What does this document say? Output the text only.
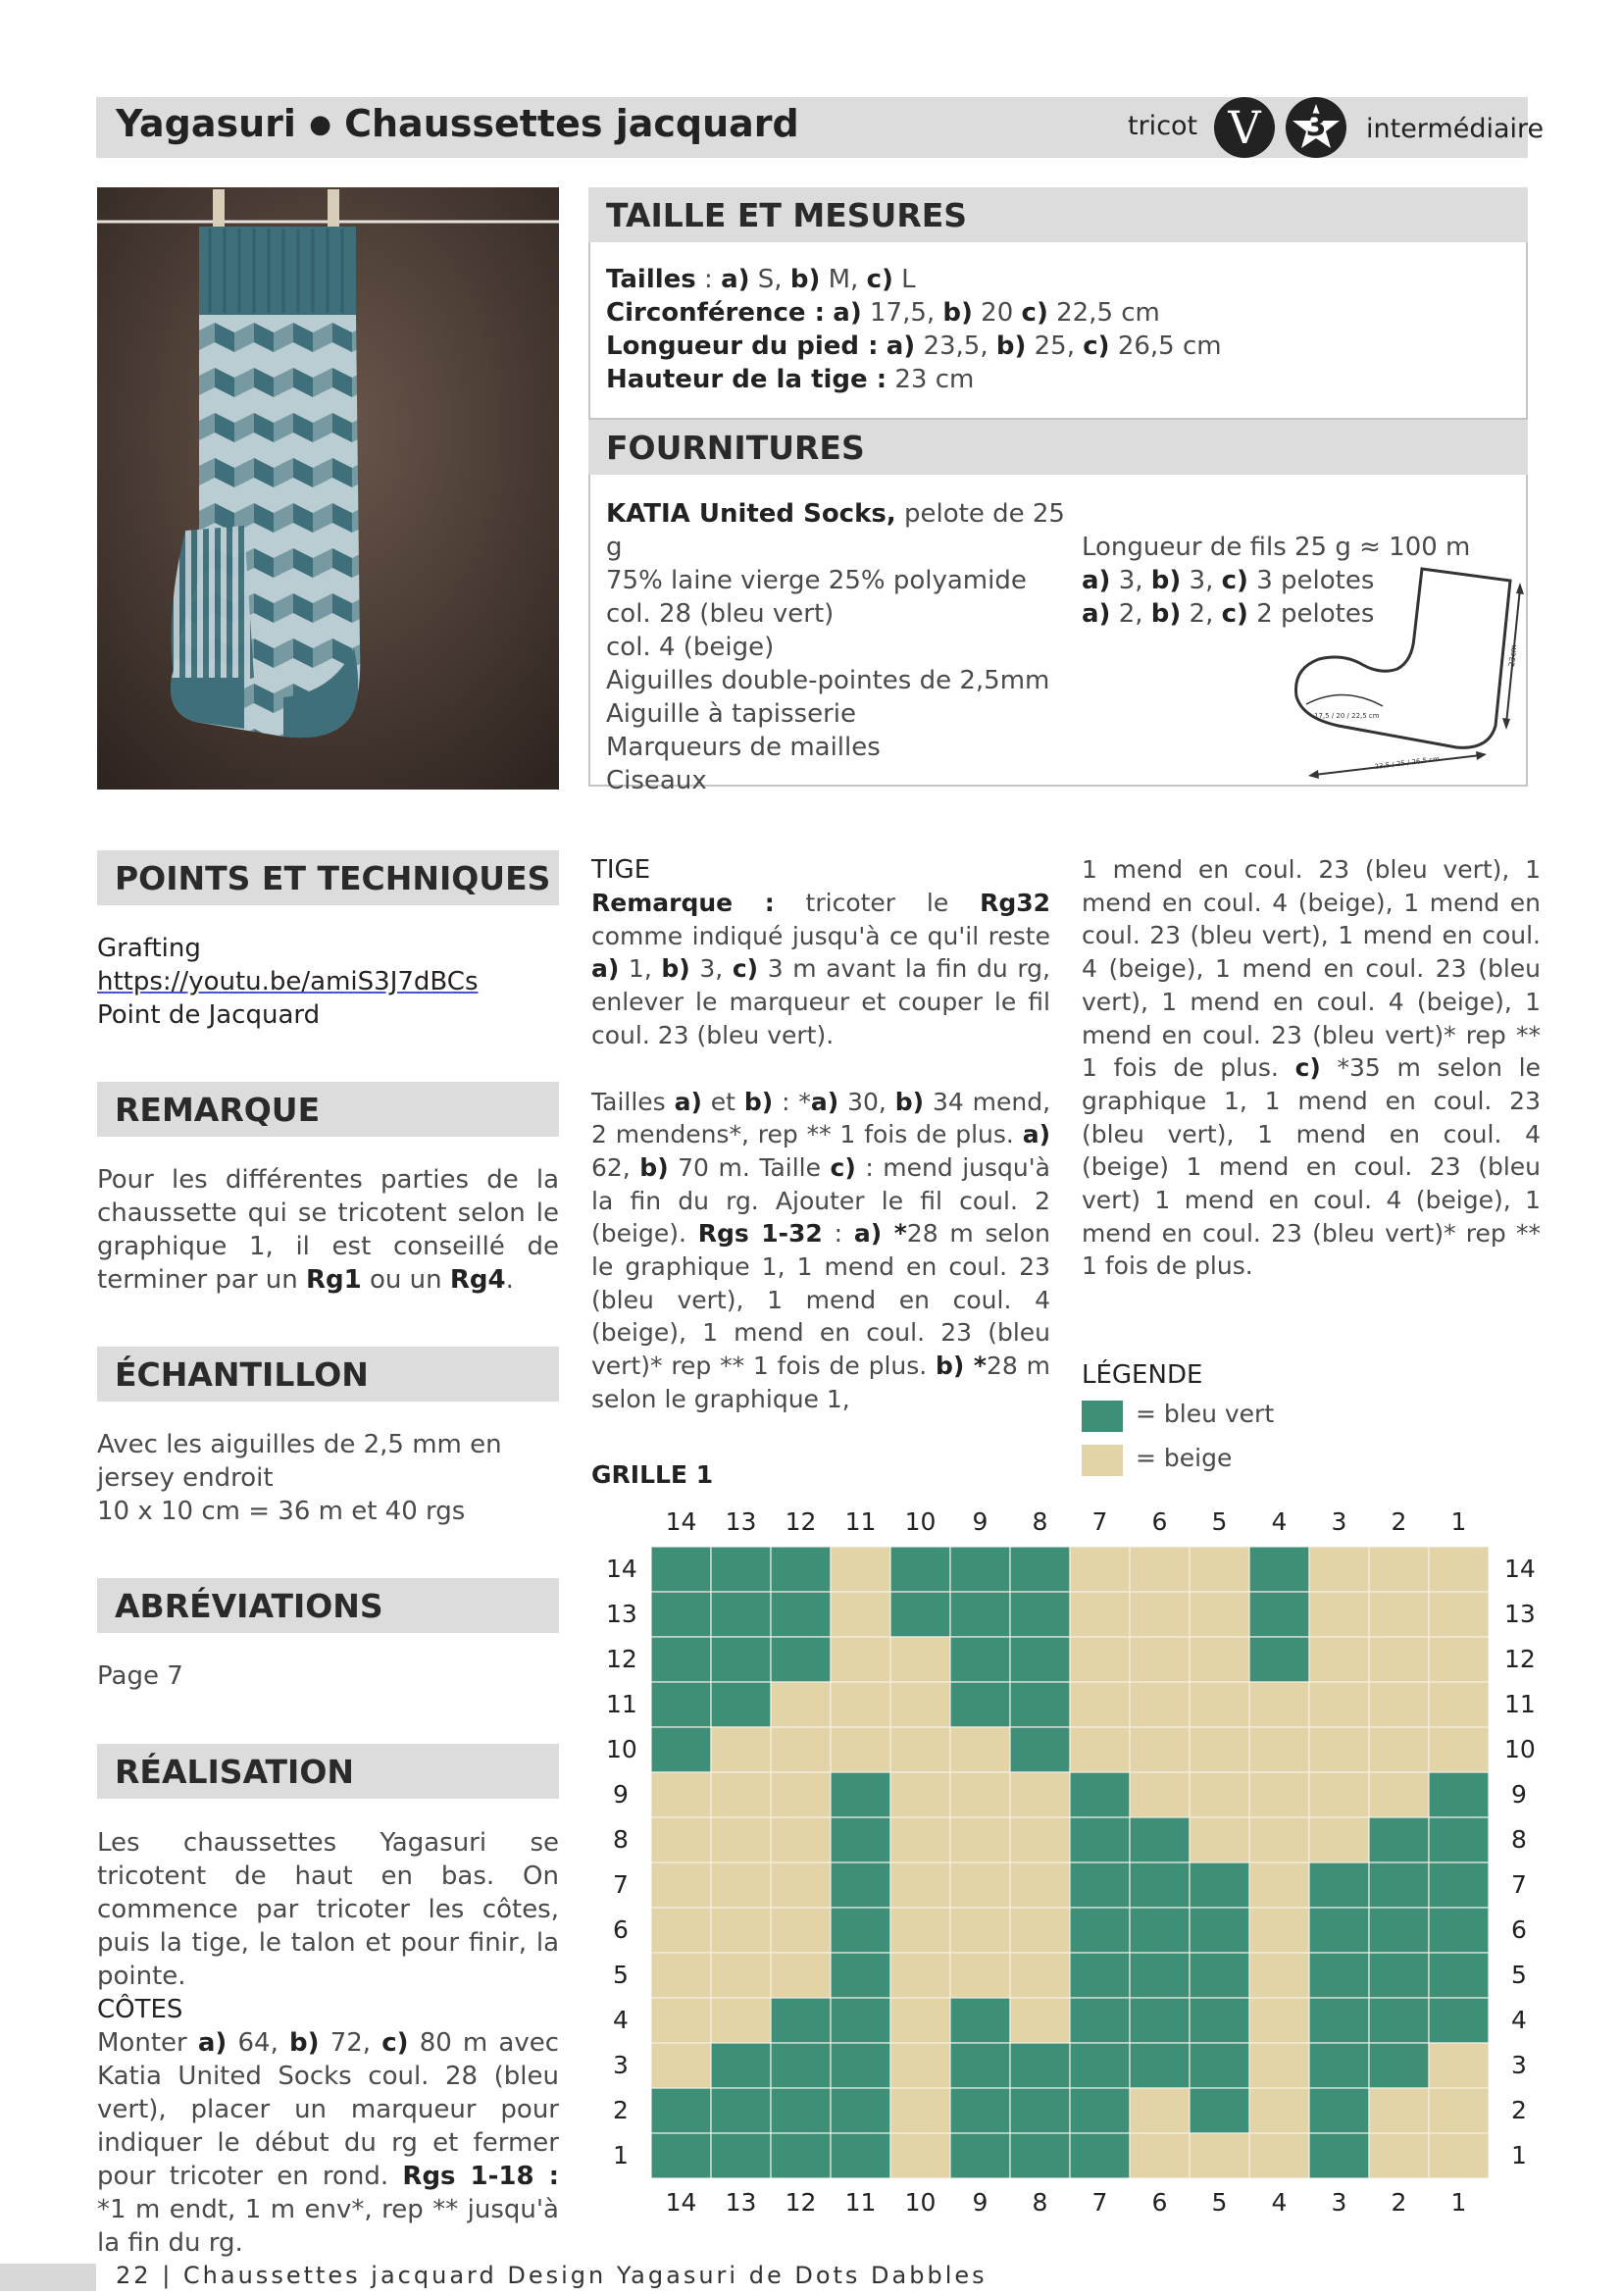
Yagasuri ● Chaussettes jacquard	tricot V	3	intermédiaire
TAILLE ET MESURES
Tailles : a) S, b) M, c) L
Circonférence : a) 17,5, b) 20 c) 22,5 cm
Longueur du pied : a) 23,5, b) 25, c) 26,5 cm
Hauteur de la tige : 23 cm
FOURNITURES
KATIA United Socks, pelote de 25 g
75% laine vierge 25% polyamide
col. 28 (bleu vert)
col. 4 (beige)
Aiguilles double-pointes de 2,5mm
Aiguille à tapisserie
Marqueurs de mailles
Ciseaux
Longueur de fils 25 g ≈ 100 m
a) 3, b) 3, c) 3 pelotes
a) 2, b) 2, c) 2 pelotes
23cm
17,5 / 20 / 22,5 cm
23,5 / 25 / 26,5 cm
POINTS ET TECHNIQUES
Grafting
https://youtu.be/amiS3J7dBCs
Point de Jacquard
REMARQUE
Pour les différentes parties de la chaussette qui se tricotent selon le graphique 1, il est conseillé de terminer par un Rg1 ou un Rg4.
ÉCHANTILLON
Avec les aiguilles de 2,5 mm en jersey endroit
10 x 10 cm = 36 m et 40 rgs
ABRÉVIATIONS
Page 7
RÉALISATION
Les chaussettes Yagasuri se tricotent de haut en bas. On commence par tricoter les côtes, puis la tige, le talon et pour finir, la pointe.
CÔTES
Monter a) 64, b) 72, c) 80 m avec Katia United Socks coul. 28 (bleu vert), placer un marqueur pour indiquer le début du rg et fermer pour tricoter en rond. Rgs 1-18 : *1 m endt, 1 m env*, rep ** jusqu'à la fin du rg.
TIGE
Remarque : tricoter le Rg32 comme indiqué jusqu'à ce qu'il reste a) 1, b) 3, c) 3 m avant la fin du rg, enlever le marqueur et couper le fil coul. 23 (bleu vert).
Tailles a) et b) : *a) 30, b) 34 mend, 2 mendens*, rep ** 1 fois de plus. a) 62, b) 70 m. Taille c) : mend jusqu'à la fin du rg. Ajouter le fil coul. 2 (beige). Rgs 1-32 : a) *28 m selon le graphique 1, 1 mend en coul. 23 (bleu vert), 1 mend en coul. 4 (beige), 1 mend en coul. 23 (bleu vert)* rep ** 1 fois de plus. b) *28 m selon le graphique 1,
1 mend en coul. 23 (bleu vert), 1 mend en coul. 4 (beige), 1 mend en coul. 23 (bleu vert), 1 mend en coul. 4 (beige), 1 mend en coul. 23 (bleu vert), 1 mend en coul. 4 (beige), 1 mend en coul. 23 (bleu vert)* rep ** 1 fois de plus. c) *35 m selon le graphique 1, 1 mend en coul. 23 (bleu vert), 1 mend en coul. 4 (beige) 1 mend en coul. 23 (bleu vert) 1 mend en coul. 4 (beige), 1 mend en coul. 23 (bleu vert)* rep ** 1 fois de plus.
LÉGENDE
= bleu vert
= beige
GRILLE 1
14	13	12	11	10	9	8	7	6	5	4	3	2	1
14	13	12	11	10	9	8	7	6	5	4	3	2	1
14
13
12
11
10
9
8
7
6
5
4
3
2
1
14
13
12
11
10
9
8
7
6
5
4
3
2
1
22 | Chaussettes jacquard Design Yagasuri de Dots Dabbles
